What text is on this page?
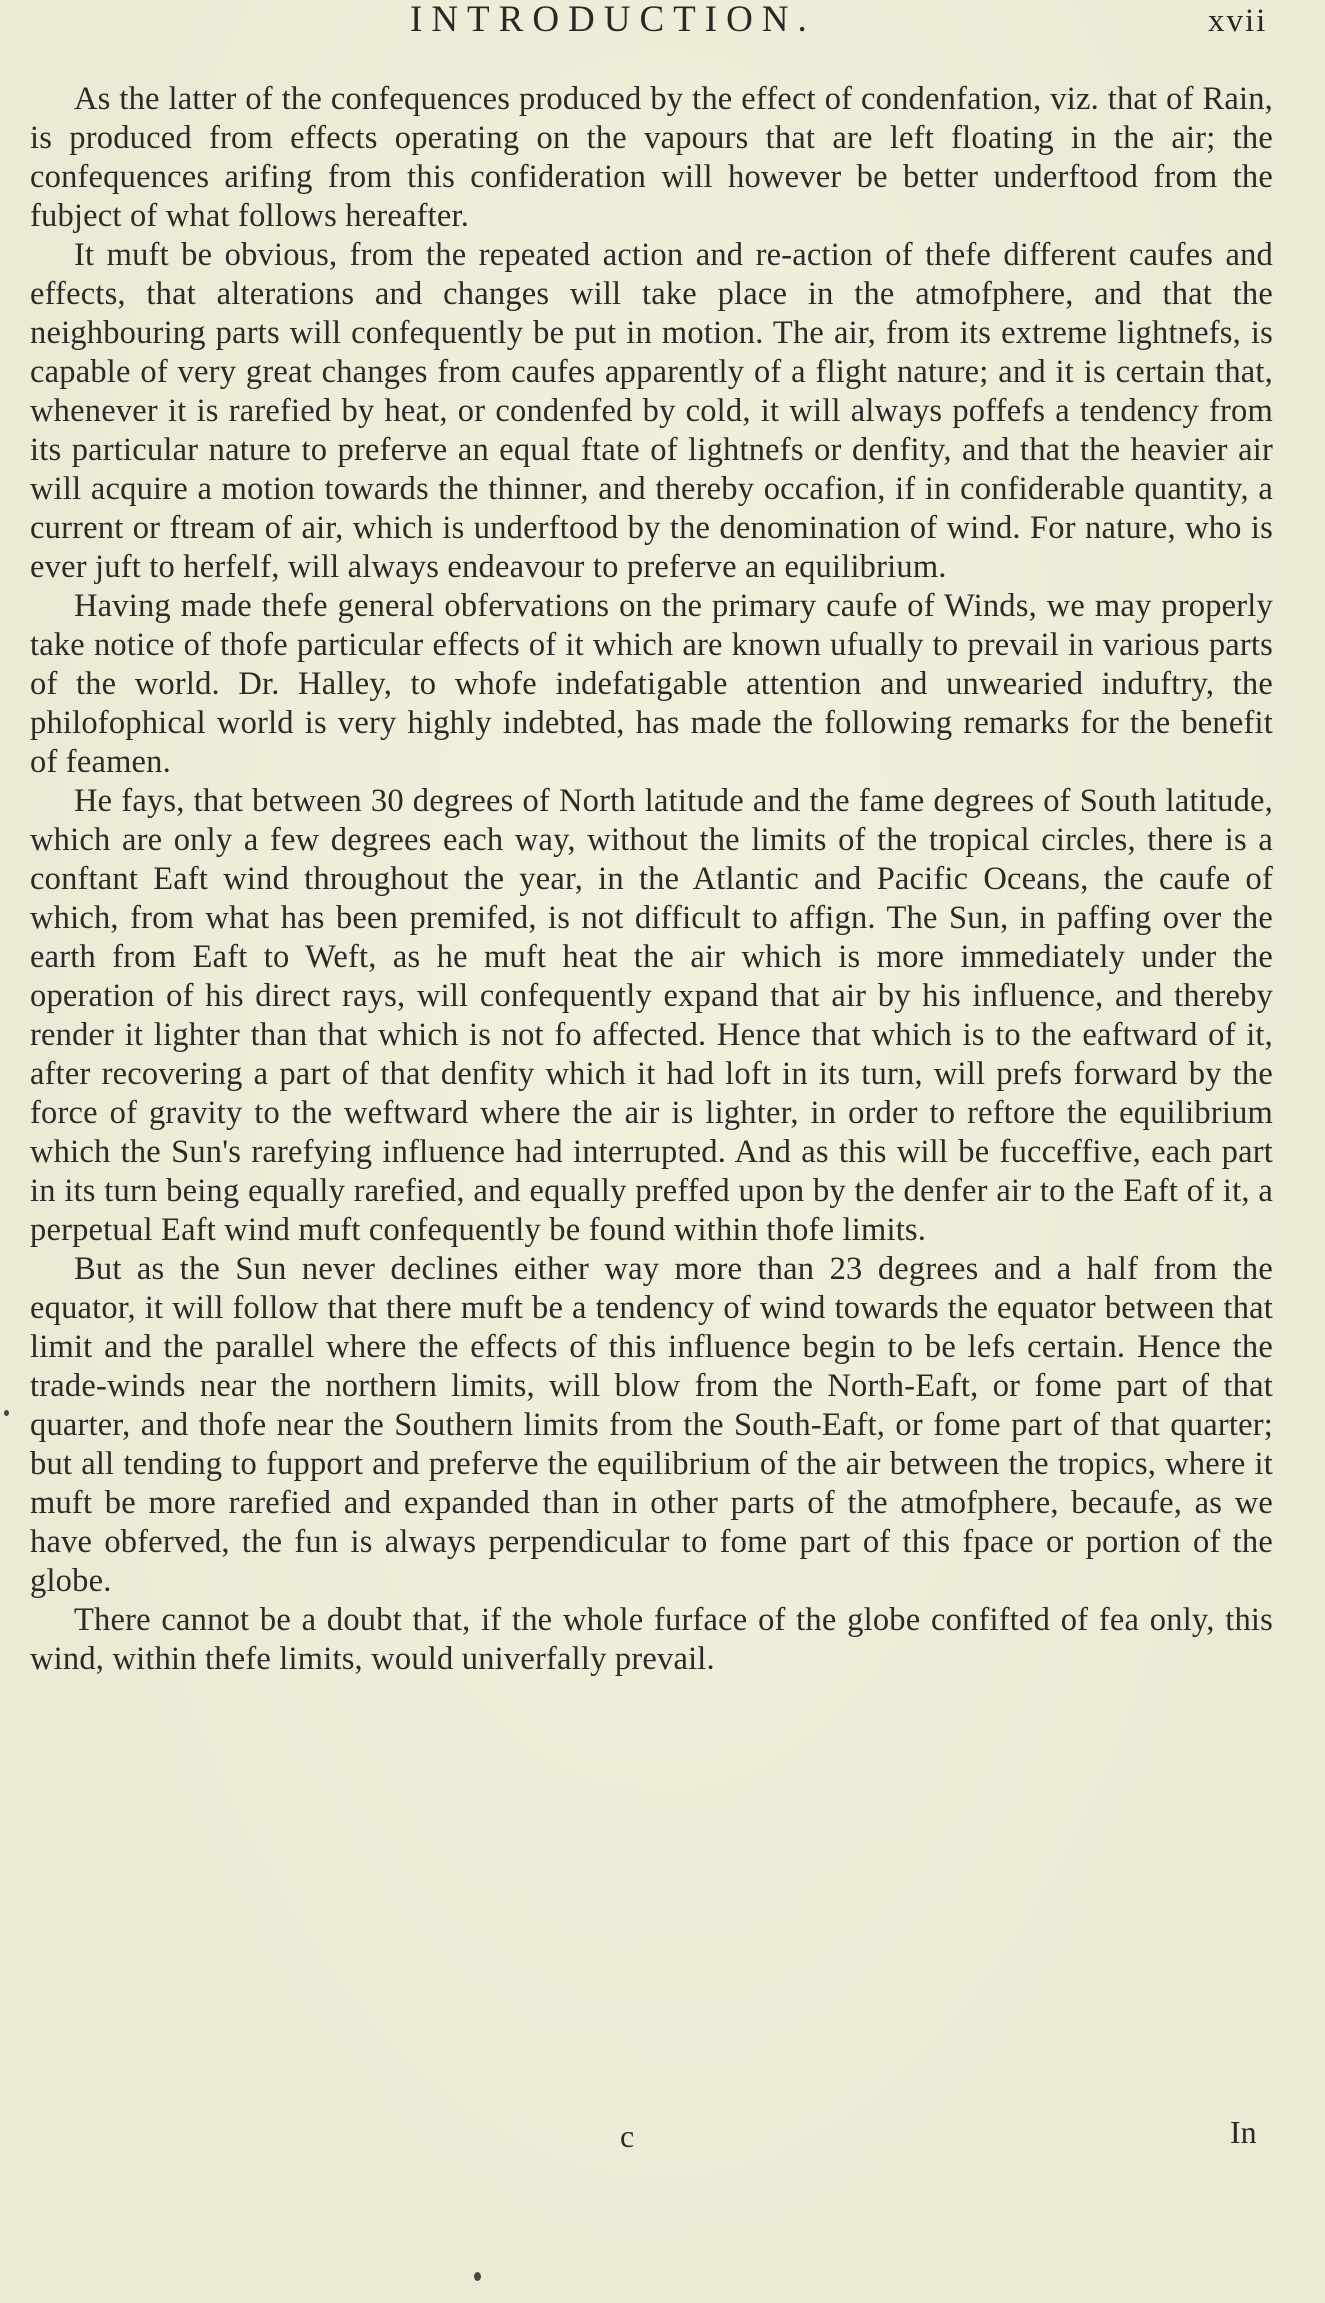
INTRODUCTION.	xvii

As the latter of the confequences produced by the effect of condenfation, viz. that of Rain, is produced from effects operating on the vapours that are left floating in the air; the confequences arifing from this confideration will however be better underftood from the fubject of what follows hereafter.

It muft be obvious, from the repeated action and re-action of thefe different caufes and effects, that alterations and changes will take place in the atmofphere, and that the neighbouring parts will confequently be put in motion. The air, from its extreme lightnefs, is capable of very great changes from caufes apparently of a flight nature; and it is certain that, whenever it is rarefied by heat, or condenfed by cold, it will always poffefs a tendency from its particular nature to preferve an equal ftate of lightnefs or denfity, and that the heavier air will acquire a motion towards the thinner, and thereby occafion, if in confiderable quantity, a current or ftream of air, which is underftood by the denomination of wind. For nature, who is ever juft to herfelf, will always endeavour to preferve an equilibrium.

Having made thefe general obfervations on the primary caufe of Winds, we may properly take notice of thofe particular effects of it which are known ufually to prevail in various parts of the world. Dr. Halley, to whofe indefatigable attention and unwearied induftry, the philofophical world is very highly indebted, has made the following remarks for the benefit of feamen.

He fays, that between 30 degrees of North latitude and the fame degrees of South latitude, which are only a few degrees each way, without the limits of the tropical circles, there is a conftant Eaft wind throughout the year, in the Atlantic and Pacific Oceans, the caufe of which, from what has been premifed, is not difficult to affign. The Sun, in paffing over the earth from Eaft to Weft, as he muft heat the air which is more immediately under the operation of his direct rays, will confequently expand that air by his influence, and thereby render it lighter than that which is not fo affected. Hence that which is to the eaftward of it, after recovering a part of that denfity which it had loft in its turn, will prefs forward by the force of gravity to the weftward where the air is lighter, in order to reftore the equilibrium which the Sun's rarefying influence had interrupted. And as this will be fucceffive, each part in its turn being equally rarefied, and equally preffed upon by the denfer air to the Eaft of it, a perpetual Eaft wind muft confequently be found within thofe limits.

But as the Sun never declines either way more than 23 degrees and a half from the equator, it will follow that there muft be a tendency of wind towards the equator between that limit and the parallel where the effects of this influence begin to be lefs certain. Hence the trade-winds near the northern limits, will blow from the North-Eaft, or fome part of that quarter, and thofe near the Southern limits from the South-Eaft, or fome part of that quarter; but all tending to fupport and preferve the equilibrium of the air between the tropics, where it muft be more rarefied and expanded than in other parts of the atmofphere, becaufe, as we have obferved, the fun is always perpendicular to fome part of this fpace or portion of the globe.

There cannot be a doubt that, if the whole furface of the globe confifted of fea only, this wind, within thefe limits, would univerfally prevail.

c	In
